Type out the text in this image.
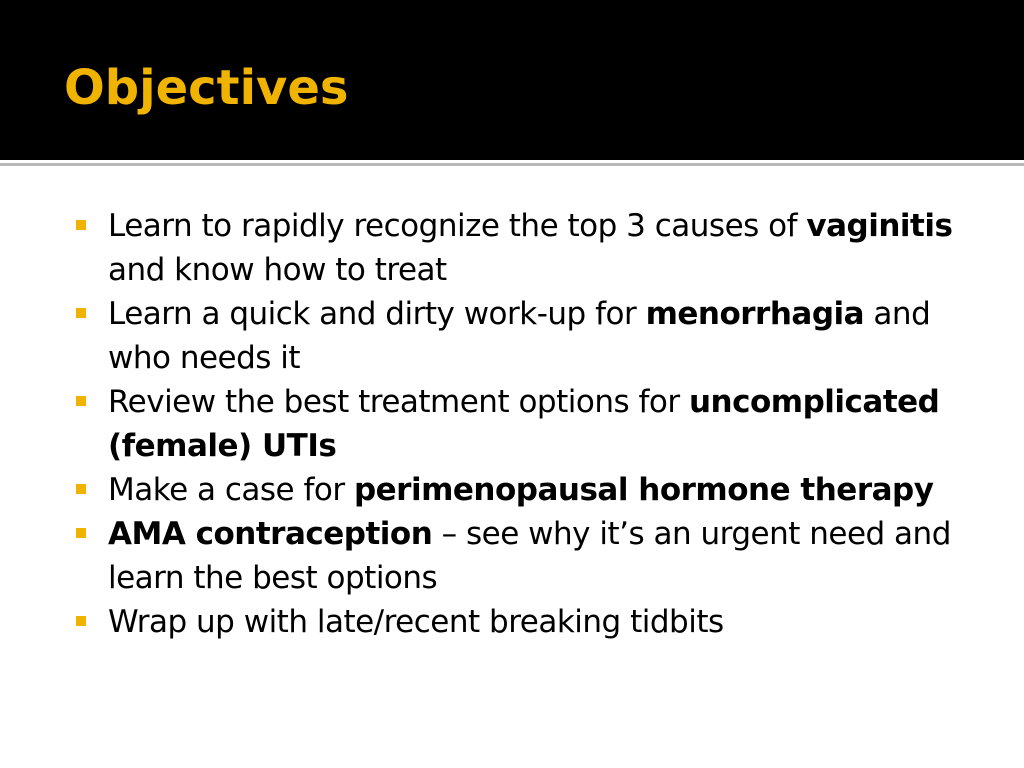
Objectives
Learn to rapidly recognize the top 3 causes of vaginitis and know how to treat
Learn a quick and dirty work-up for menorrhagia and who needs it
Review the best treatment options for uncomplicated (female) UTIs
Make a case for perimenopausal hormone therapy
AMA contraception – see why it’s an urgent need and learn the best options
Wrap up with late/recent breaking tidbits
